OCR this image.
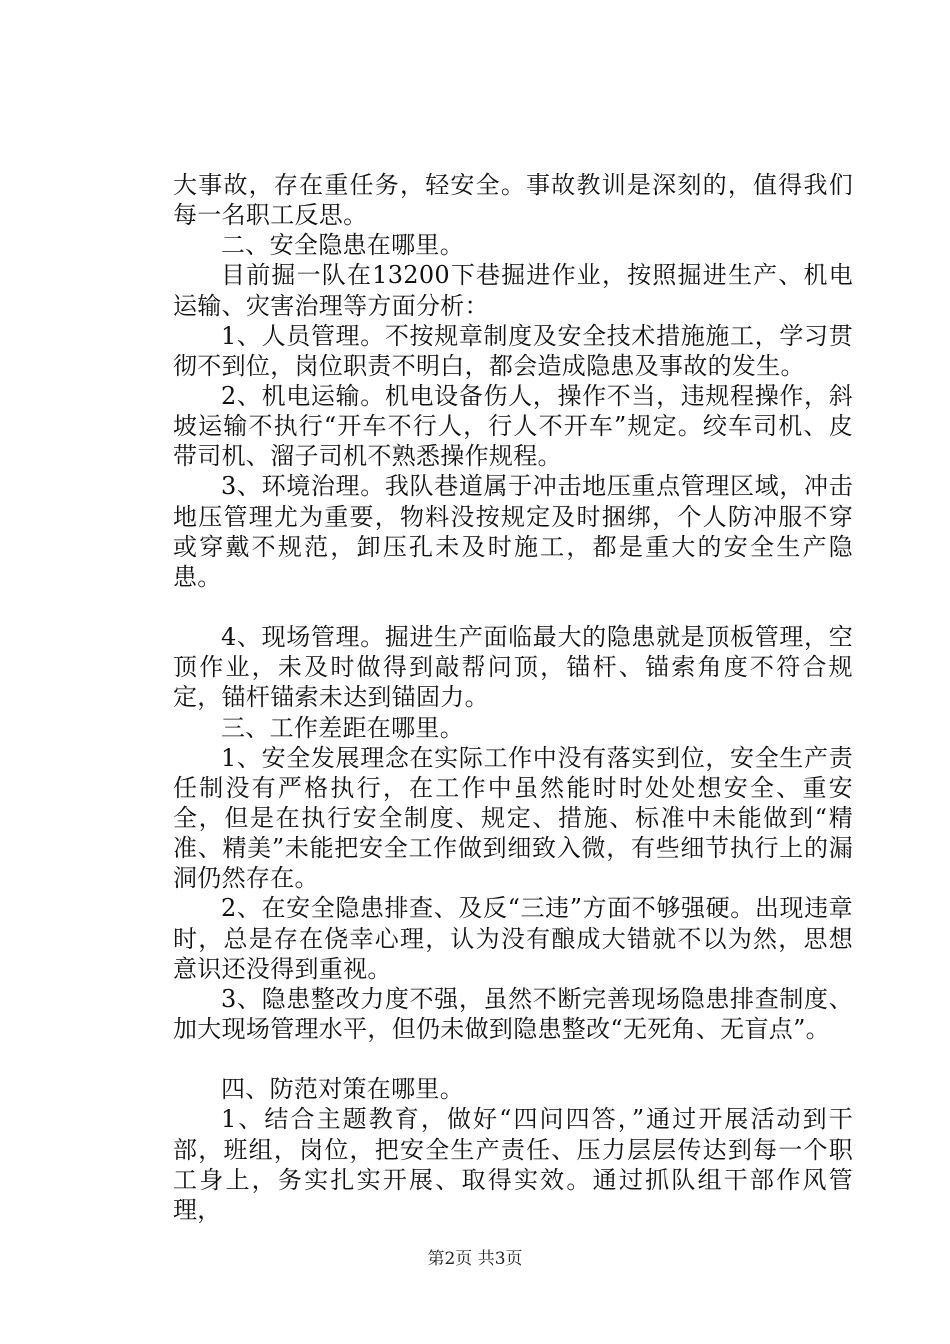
大事故，存在重任务，轻安全。事故教训是深刻的，值得我们每一名职工反思。

二、安全隐患在哪里。

目前掘一队在13200下巷掘进作业，按照掘进生产、机电运输、灾害治理等方面分析：

1、人员管理。不按规章制度及安全技术措施施工，学习贯彻不到位，岗位职责不明白，都会造成隐患及事故的发生。

2、机电运输。机电设备伤人，操作不当，违规程操作，斜坡运输不执行“开车不行人，行人不开车”规定。绞车司机、皮带司机、溜子司机不熟悉操作规程。

3、环境治理。我队巷道属于冲击地压重点管理区域，冲击地压管理尤为重要，物料没按规定及时捆绑，个人防冲服不穿或穿戴不规范，卸压孔未及时施工，都是重大的安全生产隐患。

4、现场管理。掘进生产面临最大的隐患就是顶板管理，空顶作业，未及时做得到敲帮问顶，锚杆、锚索角度不符合规定，锚杆锚索未达到锚固力。

三、工作差距在哪里。

1、安全发展理念在实际工作中没有落实到位，安全生产责任制没有严格执行，在工作中虽然能时时处处想安全、重安全，但是在执行安全制度、规定、措施、标准中未能做到“精准、精美”未能把安全工作做到细致入微，有些细节执行上的漏洞仍然存在。

2、在安全隐患排查、及反“三违”方面不够强硬。出现违章时，总是存在侥幸心理，认为没有酿成大错就不以为然，思想意识还没得到重视。

3、隐患整改力度不强，虽然不断完善现场隐患排查制度、加大现场管理水平，但仍未做到隐患整改“无死角、无盲点”。

四、防范对策在哪里。

1、结合主题教育，做好“四问四答，”通过开展活动到干部，班组，岗位，把安全生产责任、压力层层传达到每一个职工身上，务实扎实开展、取得实效。通过抓队组干部作风管理，

第2页 共3页
